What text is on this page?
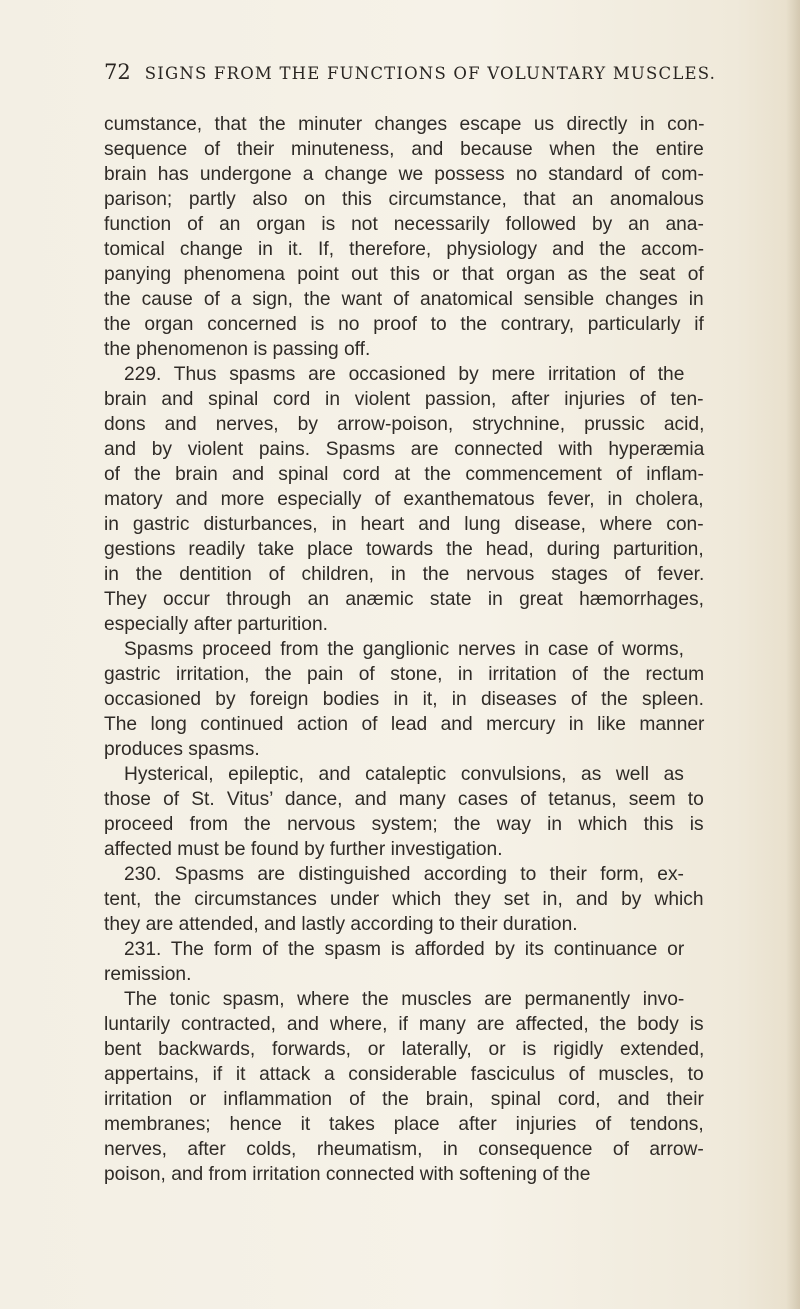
72 SIGNS FROM THE FUNCTIONS OF VOLUNTARY MUSCLES.
cumstance, that the minuter changes escape us directly in con-
sequence of their minuteness, and because when the entire
brain has undergone a change we possess no standard of com-
parison; partly also on this circumstance, that an anomalous
function of an organ is not necessarily followed by an ana-
tomical change in it. If, therefore, physiology and the accom-
panying phenomena point out this or that organ as the seat of
the cause of a sign, the want of anatomical sensible changes in
the organ concerned is no proof to the contrary, particularly if
the phenomenon is passing off.
229. Thus spasms are occasioned by mere irritation of the
brain and spinal cord in violent passion, after injuries of ten-
dons and nerves, by arrow-poison, strychnine, prussic acid,
and by violent pains. Spasms are connected with hyperæmia
of the brain and spinal cord at the commencement of inflam-
matory and more especially of exanthematous fever, in cholera,
in gastric disturbances, in heart and lung disease, where con-
gestions readily take place towards the head, during parturition,
in the dentition of children, in the nervous stages of fever.
They occur through an anæmic state in great hæmorrhages,
especially after parturition.
Spasms proceed from the ganglionic nerves in case of worms,
gastric irritation, the pain of stone, in irritation of the rectum
occasioned by foreign bodies in it, in diseases of the spleen.
The long continued action of lead and mercury in like manner
produces spasms.
Hysterical, epileptic, and cataleptic convulsions, as well as
those of St. Vitus’ dance, and many cases of tetanus, seem to
proceed from the nervous system; the way in which this is
affected must be found by further investigation.
230. Spasms are distinguished according to their form, ex-
tent, the circumstances under which they set in, and by which
they are attended, and lastly according to their duration.
231. The form of the spasm is afforded by its continuance or
remission.
The tonic spasm, where the muscles are permanently invo-
luntarily contracted, and where, if many are affected, the body is
bent backwards, forwards, or laterally, or is rigidly extended,
appertains, if it attack a considerable fasciculus of muscles, to
irritation or inflammation of the brain, spinal cord, and their
membranes; hence it takes place after injuries of tendons,
nerves, after colds, rheumatism, in consequence of arrow-
poison, and from irritation connected with softening of the
